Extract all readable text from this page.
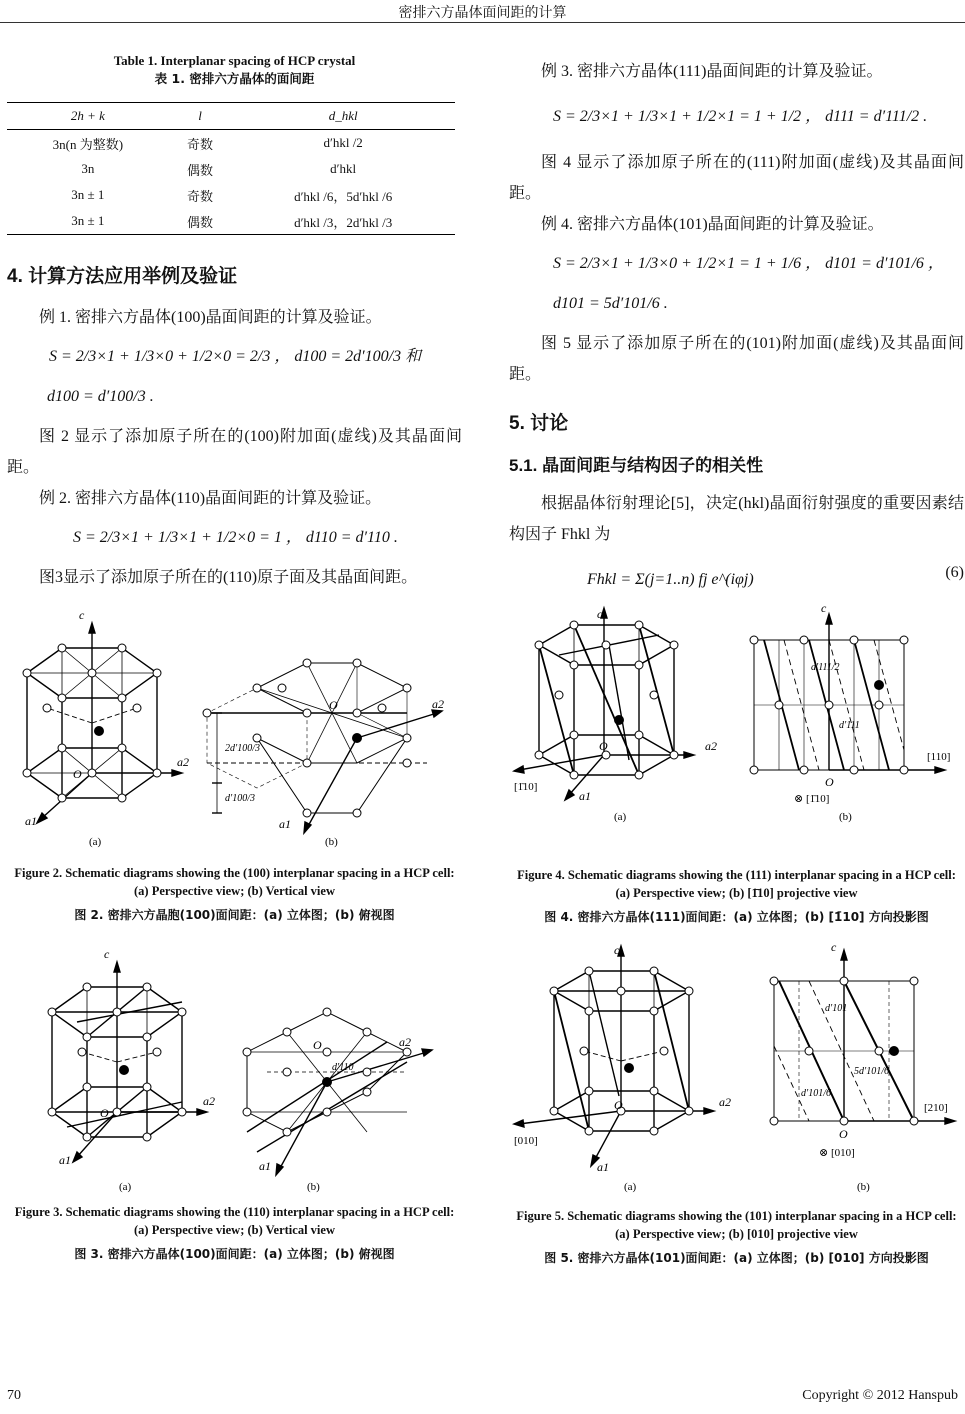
密排六方晶体面间距的计算
Table 1. Interplanar spacing of HCP crystal
表 1. 密排六方晶体的面间距
2h + k	l	d_hkl
3n(n 为整数)	奇数	d′hkl /2
3n	偶数	d′hkl
3n ± 1	奇数	d′hkl /6，5d′hkl /6
3n ± 1	偶数	d′hkl /3，2d′hkl /3
4. 计算方法应用举例及验证

例 1. 密排六方晶体(100)晶面间距的计算及验证。

S = 2/3×1 + 1/3×0 + 1/2×0 = 2/3 ， d100 = 2d′100/3 和
d100 = d′100/3 .

图 2 显示了添加原子所在的(100)附加面(虚线)及其晶面间距。

例 2. 密排六方晶体(110)晶面间距的计算及验证。

S = 2/3×1 + 1/3×1 + 1/2×0 = 1 ， d110 = d′110 .

图3显示了添加原子所在的(110)原子面及其晶面间距。

c
O
a2
a1
(a)
O	a2
a1
2d′100/3
d′100/3
(b)
Figure 2. Schematic diagrams showing the (100) interplanar spacing in a HCP cell: (a) Perspective view; (b) Vertical view
图 2. 密排六方晶胞(100)面间距：(a) 立体图；(b) 俯视图
c
O
a2
a1
(a)
O	a2
a1
d′110
(b)
Figure 3. Schematic diagrams showing the (110) interplanar spacing in a HCP cell: (a) Perspective view; (b) Vertical view
图 3. 密排六方晶体(100)面间距：(a) 立体图；(b) 俯视图

例 3. 密排六方晶体(111)晶面间距的计算及验证。

S = 2/3×1 + 1/3×1 + 1/2×1 = 1 + 1/2 ， d111 = d′111/2 .

图 4 显示了添加原子所在的(111)附加面(虚线)及其晶面间距。

例 4. 密排六方晶体(101)晶面间距的计算及验证。

S = 2/3×1 + 1/3×0 + 1/2×1 = 1 + 1/6 ， d101 = d′101/6 ，
d101 = 5d′101/6 .

图 5 显示了添加原子所在的(101)附加面(虚线)及其晶面间距。

5. 讨论
5.1. 晶面间距与结构因子的相关性

根据晶体衍射理论[5]，决定(hkl)晶面衍射强度的重要因素结构因子 Fhkl 为

Fhkl = Σ(j=1..n) fj e^(iφj)	(6)
c
O	a2
a1
[1̄10]
(a)
c
d′111/2
d′111
O
[110]
⊗ [1̄10]
(b)
Figure 4. Schematic diagrams showing the (111) interplanar spacing in a HCP cell: (a) Perspective view; (b) [1̄10] projective view
图 4. 密排六方晶体(111)面间距：(a) 立体图；(b) [1̄10] 方向投影图
c
O	a2
a1
[010]
(a)
c
d′101
5d′101/6
d′101/6
O
[210]
⊗ [010]
(b)
Figure 5. Schematic diagrams showing the (101) interplanar spacing in a HCP cell: (a) Perspective view; (b) [010] projective view
图 5. 密排六方晶体(101)面间距：(a) 立体图；(b) [010] 方向投影图
70	Copyright © 2012 Hanspub
